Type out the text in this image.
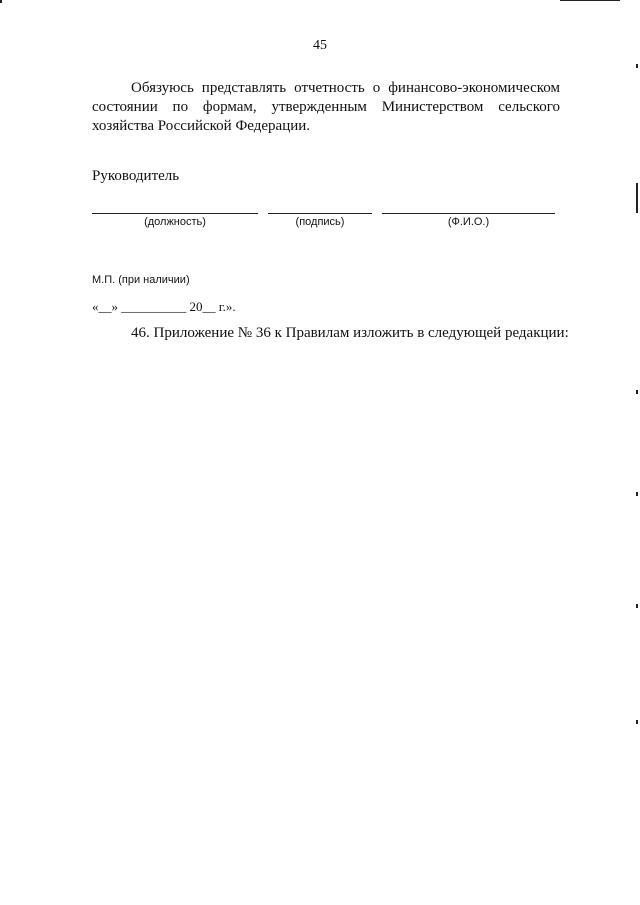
45
Обязуюсь представлять отчетность о финансово-экономическом состоянии по формам, утвержденным Министерством сельского хозяйства Российской Федерации.
Руководитель
(должность)	(подпись)	(Ф.И.О.)
М.П. (при наличии)
«__» __________ 20__ г.».
46. Приложение № 36 к Правилам изложить в следующей редакции:
